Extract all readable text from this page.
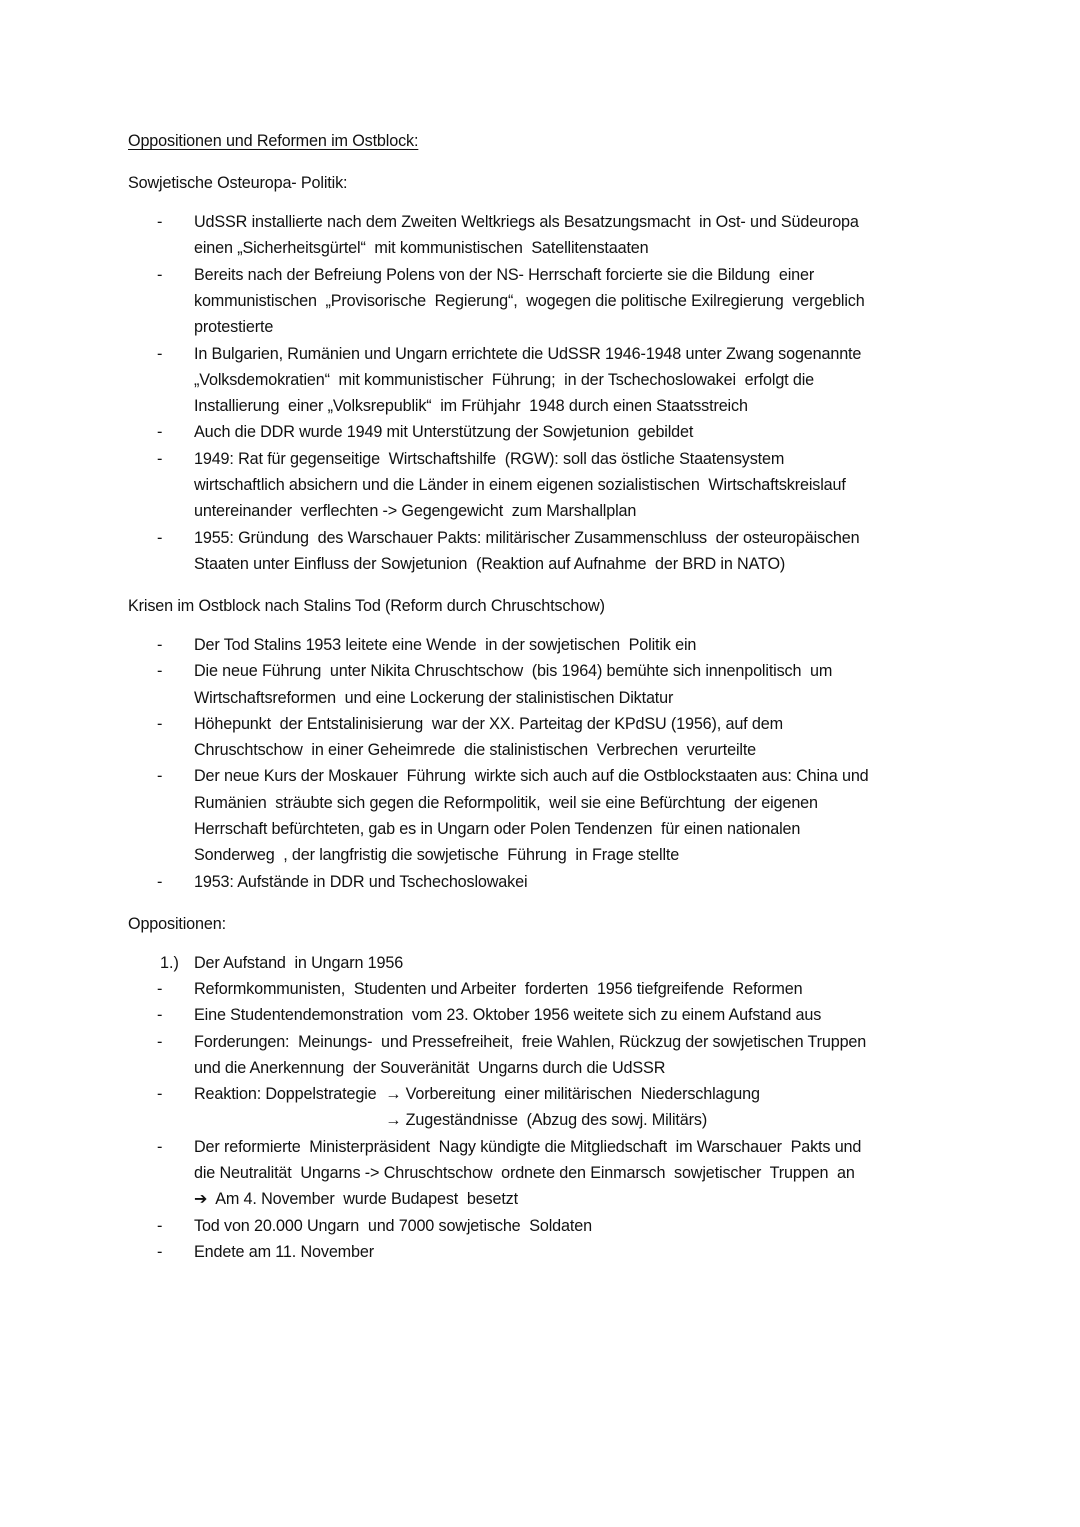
Oppositionen und Reformen im Ostblock:
Sowjetische Osteuropa- Politik:
-	UdSSR installierte nach dem Zweiten Weltkriegs als Besatzungsmacht  in Ost- und Südeuropa
einen „Sicherheitsgürtel“  mit kommunistischen  Satellitenstaaten
-	Bereits nach der Befreiung Polens von der NS- Herrschaft forcierte sie die Bildung  einer
kommunistischen  „Provisorische  Regierung“,  wogegen die politische Exilregierung  vergeblich
protestierte
-	In Bulgarien, Rumänien und Ungarn errichtete die UdSSR 1946-1948 unter Zwang sogenannte
„Volksdemokratien“  mit kommunistischer  Führung;  in der Tschechoslowakei  erfolgt die
Installierung  einer „Volksrepublik“  im Frühjahr  1948 durch einen Staatsstreich
-	Auch die DDR wurde 1949 mit Unterstützung der Sowjetunion  gebildet
-	1949: Rat für gegenseitige  Wirtschaftshilfe  (RGW): soll das östliche Staatensystem
wirtschaftlich absichern und die Länder in einem eigenen sozialistischen  Wirtschaftskreislauf
untereinander  verflechten -> Gegengewicht  zum Marshallplan
-	1955: Gründung  des Warschauer Pakts: militärischer Zusammenschluss  der osteuropäischen
Staaten unter Einfluss der Sowjetunion  (Reaktion auf Aufnahme  der BRD in NATO)
Krisen im Ostblock nach Stalins Tod (Reform durch Chruschtschow)
-	Der Tod Stalins 1953 leitete eine Wende  in der sowjetischen  Politik ein
-	Die neue Führung  unter Nikita Chruschtschow  (bis 1964) bemühte sich innenpolitisch  um
Wirtschaftsreformen  und eine Lockerung der stalinistischen Diktatur
-	Höhepunkt  der Entstalinisierung  war der XX. Parteitag der KPdSU (1956), auf dem
Chruschtschow  in einer Geheimrede  die stalinistischen  Verbrechen  verurteilte
-	Der neue Kurs der Moskauer  Führung  wirkte sich auch auf die Ostblockstaaten aus: China und
Rumänien  sträubte sich gegen die Reformpolitik,  weil sie eine Befürchtung  der eigenen
Herrschaft befürchteten, gab es in Ungarn oder Polen Tendenzen  für einen nationalen
Sonderweg  , der langfristig die sowjetische  Führung  in Frage stellte
-	1953: Aufstände in DDR und Tschechoslowakei
Oppositionen:
1.) Der Aufstand  in Ungarn 1956
-	Reformkommunisten,  Studenten und Arbeiter  forderten  1956 tiefgreifende  Reformen
-	Eine Studentendemonstration  vom 23. Oktober 1956 weitete sich zu einem Aufstand aus
-	Forderungen:  Meinungs-  und Pressefreiheit,  freie Wahlen, Rückzug der sowjetischen Truppen
und die Anerkennung  der Souveränität  Ungarns durch die UdSSR
-	Reaktion: Doppelstrategie  → Vorbereitung  einer militärischen  Niederschlagung
→ Zugeständnisse  (Abzug des sowj. Militärs)
-	Der reformierte  Ministerpräsident  Nagy kündigte die Mitgliedschaft  im Warschauer  Pakts und
die Neutralität  Ungarns -> Chruschtschow  ordnete den Einmarsch  sowjetischer  Truppen  an
➔  Am 4. November  wurde Budapest  besetzt
-	Tod von 20.000 Ungarn  und 7000 sowjetische  Soldaten
-	Endete am 11. November
